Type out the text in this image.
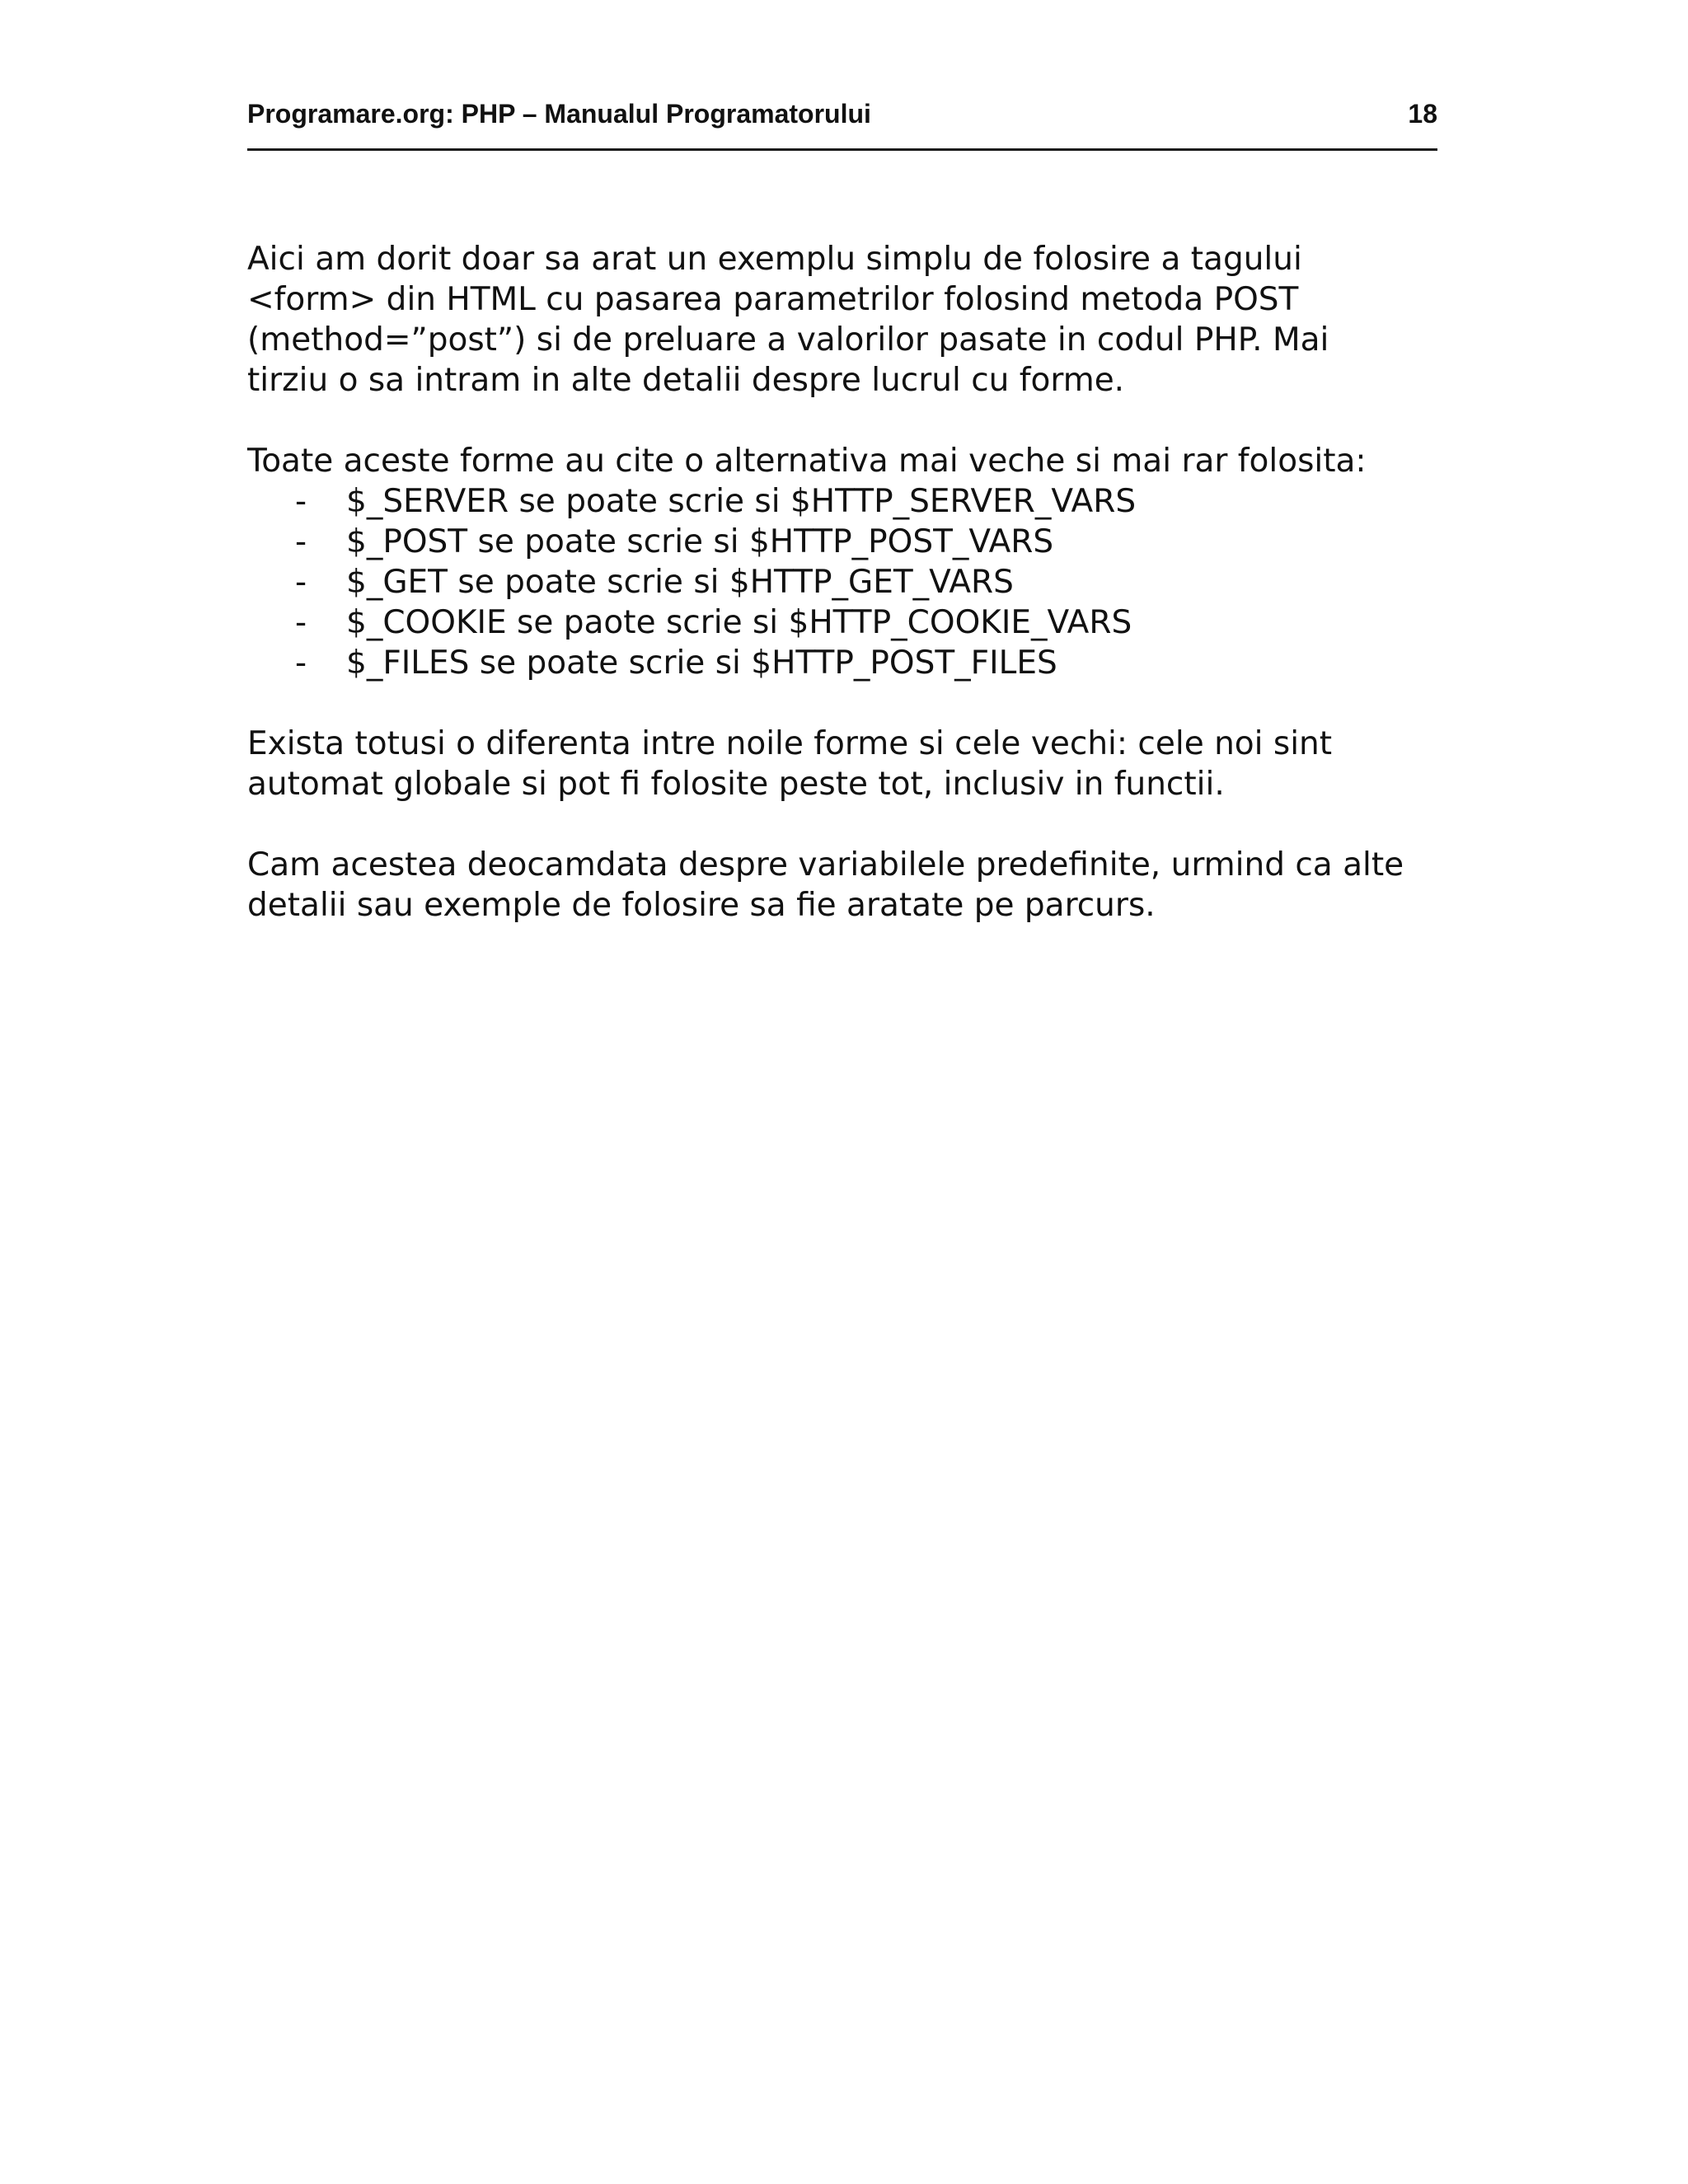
Programare.org: PHP – Manualul Programatorului	18
Aici am dorit doar sa arat un exemplu simplu de folosire a tagului
<form> din HTML cu pasarea parametrilor folosind metoda POST
(method=”post”) si de preluare a valorilor pasate in codul PHP. Mai
tirziu o sa intram in alte detalii despre lucrul cu forme.
Toate aceste forme au cite o alternativa mai veche si mai rar folosita:
- $_SERVER se poate scrie si $HTTP_SERVER_VARS
- $_POST se poate scrie si $HTTP_POST_VARS
- $_GET se poate scrie si $HTTP_GET_VARS
- $_COOKIE se paote scrie si $HTTP_COOKIE_VARS
- $_FILES se poate scrie si $HTTP_POST_FILES
Exista totusi o diferenta intre noile forme si cele vechi: cele noi sint
automat globale si pot fi folosite peste tot, inclusiv in functii.
Cam acestea deocamdata despre variabilele predefinite, urmind ca alte
detalii sau exemple de folosire sa fie aratate pe parcurs.
